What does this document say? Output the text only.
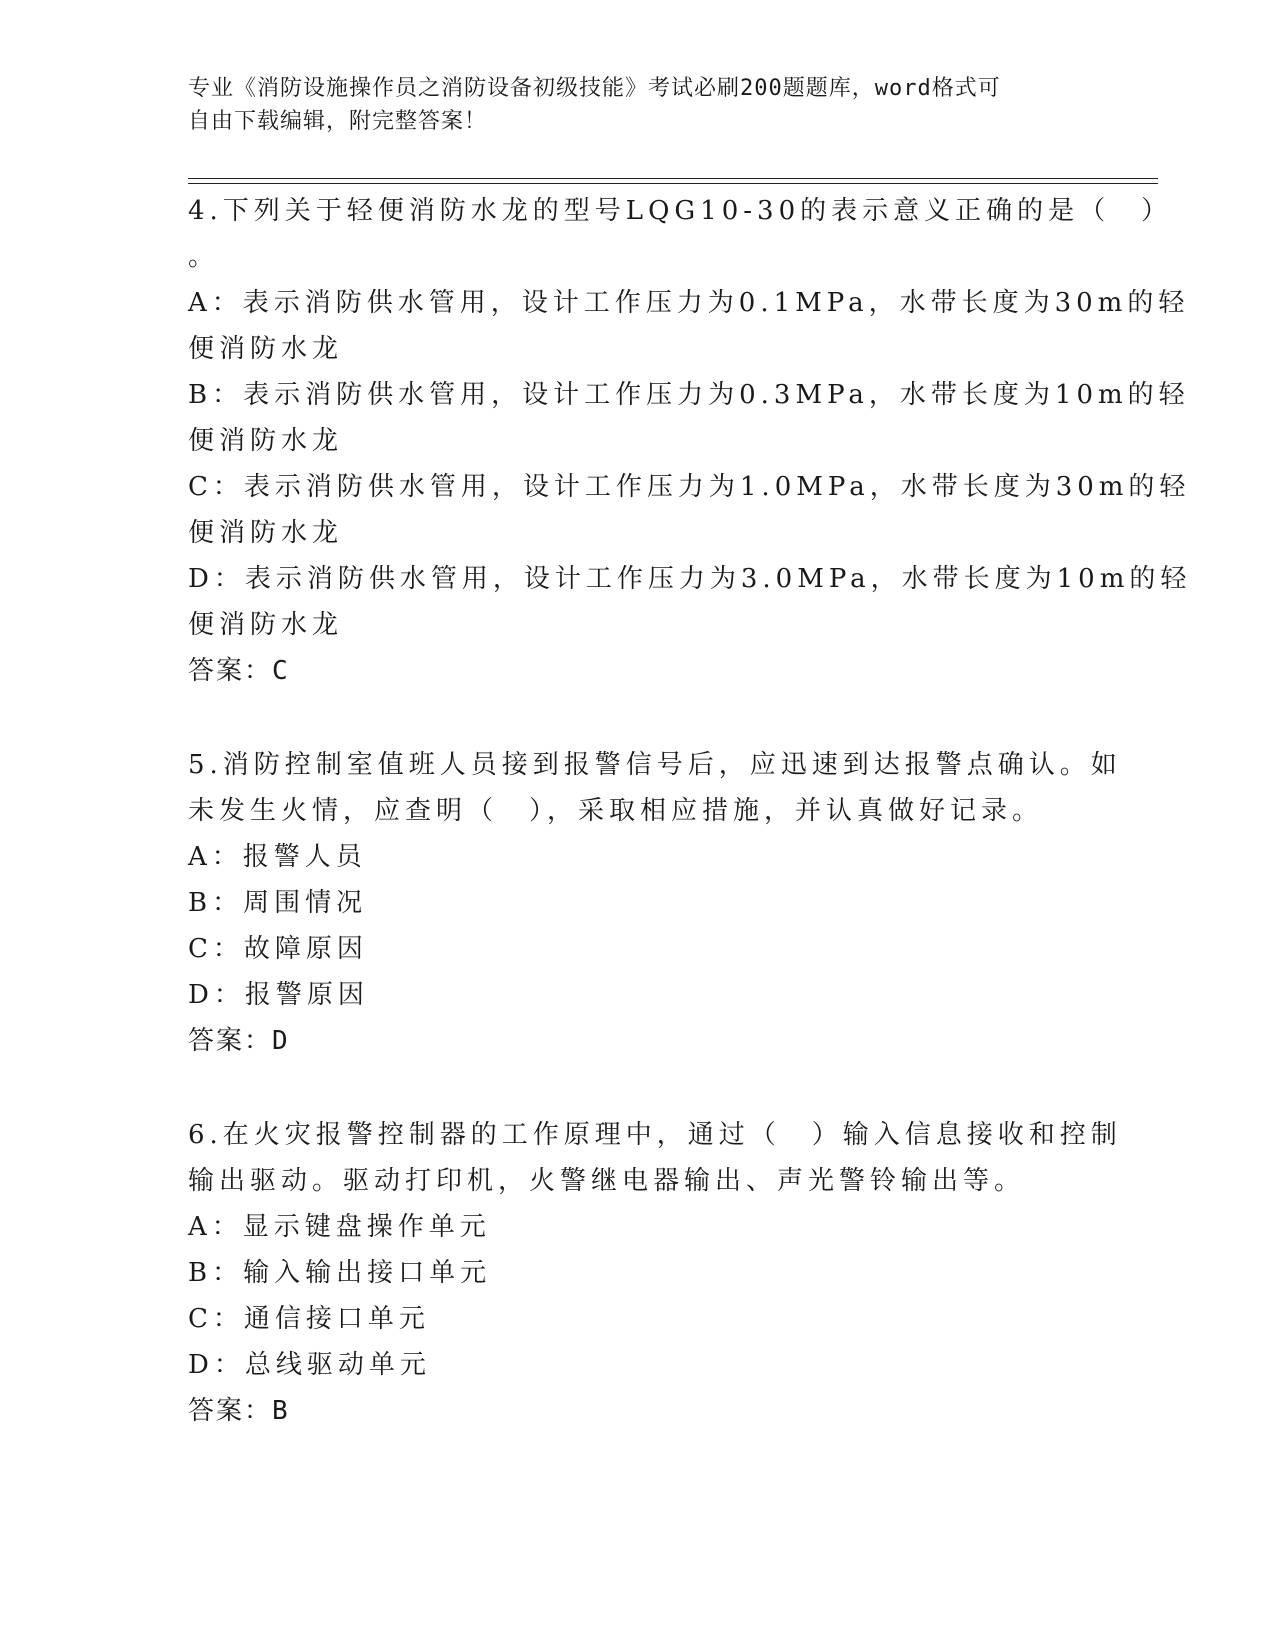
专业《消防设施操作员之消防设备初级技能》考试必刷200题题库，word格式可
自由下载编辑，附完整答案！
4.下列关于轻便消防水龙的型号LQG10-30的表示意义正确的是（　）
。
A：表示消防供水管用，设计工作压力为0.1MPa，水带长度为30m的轻
便消防水龙
B：表示消防供水管用，设计工作压力为0.3MPa，水带长度为10m的轻
便消防水龙
C：表示消防供水管用，设计工作压力为1.0MPa，水带长度为30m的轻
便消防水龙
D：表示消防供水管用，设计工作压力为3.0MPa，水带长度为10m的轻
便消防水龙
答案：C
5.消防控制室值班人员接到报警信号后，应迅速到达报警点确认。如
未发生火情，应查明（　），采取相应措施，并认真做好记录。
A：报警人员
B：周围情况
C：故障原因
D：报警原因
答案：D
6.在火灾报警控制器的工作原理中，通过（　）输入信息接收和控制
输出驱动。驱动打印机，火警继电器输出、声光警铃输出等。
A：显示键盘操作单元
B：输入输出接口单元
C：通信接口单元
D：总线驱动单元
答案：B
